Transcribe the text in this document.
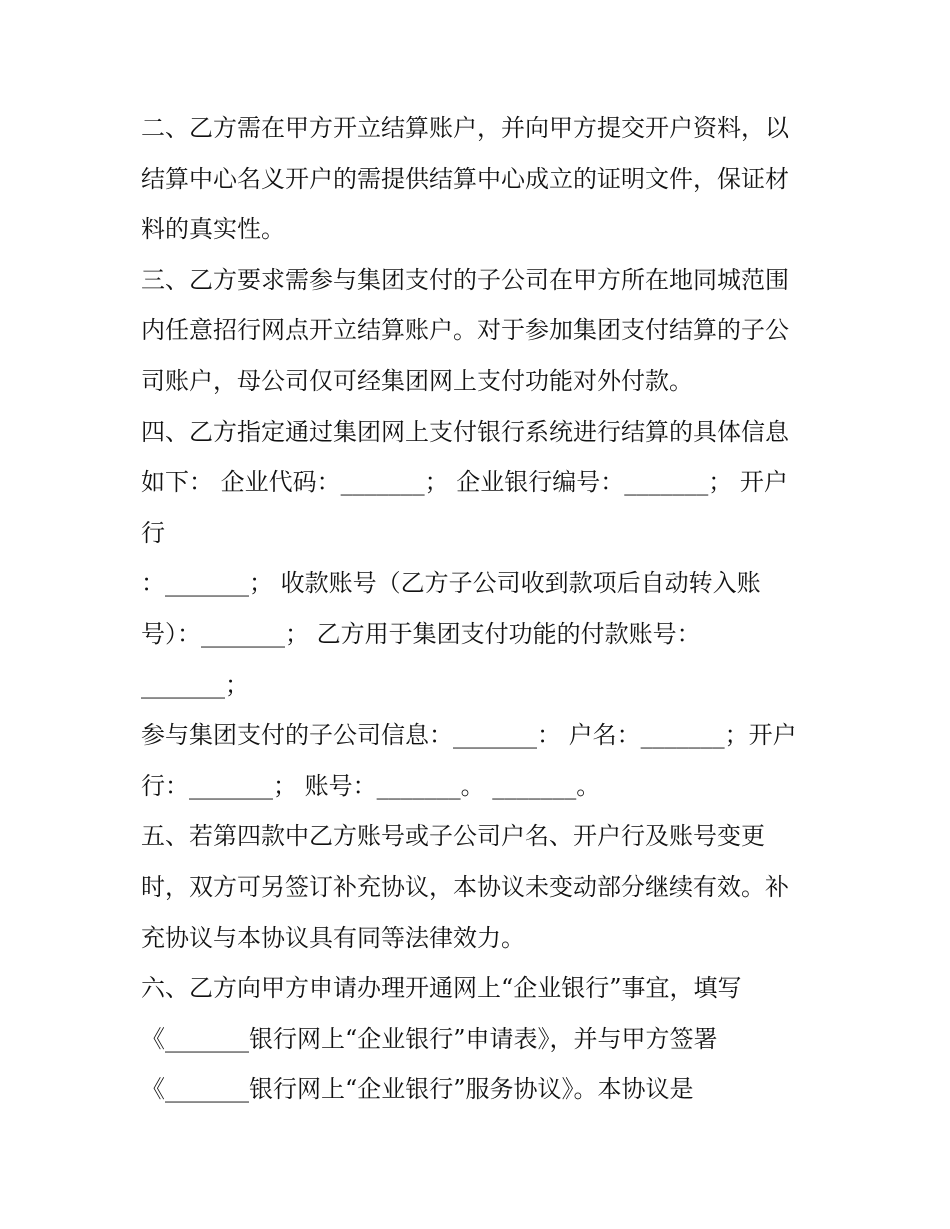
二、乙方需在甲方开立结算账户，并向甲方提交开户资料，以
结算中心名义开户的需提供结算中心成立的证明文件，保证材
料的真实性。
三、乙方要求需参与集团支付的子公司在甲方所在地同城范围
内任意招行网点开立结算账户。对于参加集团支付结算的子公
司账户，母公司仅可经集团网上支付功能对外付款。
四、乙方指定通过集团网上支付银行系统进行结算的具体信息
如下： 企业代码：_______； 企业银行编号：_______； 开户
行
：_______； 收款账号（乙方子公司收到款项后自动转入账
号）：_______； 乙方用于集团支付功能的付款账号：
_______；
参与集团支付的子公司信息：_______： 户名：_______；开户
行：_______； 账号：_______。 _______。
五、若第四款中乙方账号或子公司户名、开户行及账号变更
时，双方可另签订补充协议，本协议未变动部分继续有效。补
充协议与本协议具有同等法律效力。
六、乙方向甲方申请办理开通网上“企业银行”事宜，填写
《_______银行网上“企业银行”申请表》，并与甲方签署
《_______银行网上“企业银行”服务协议》。本协议是
